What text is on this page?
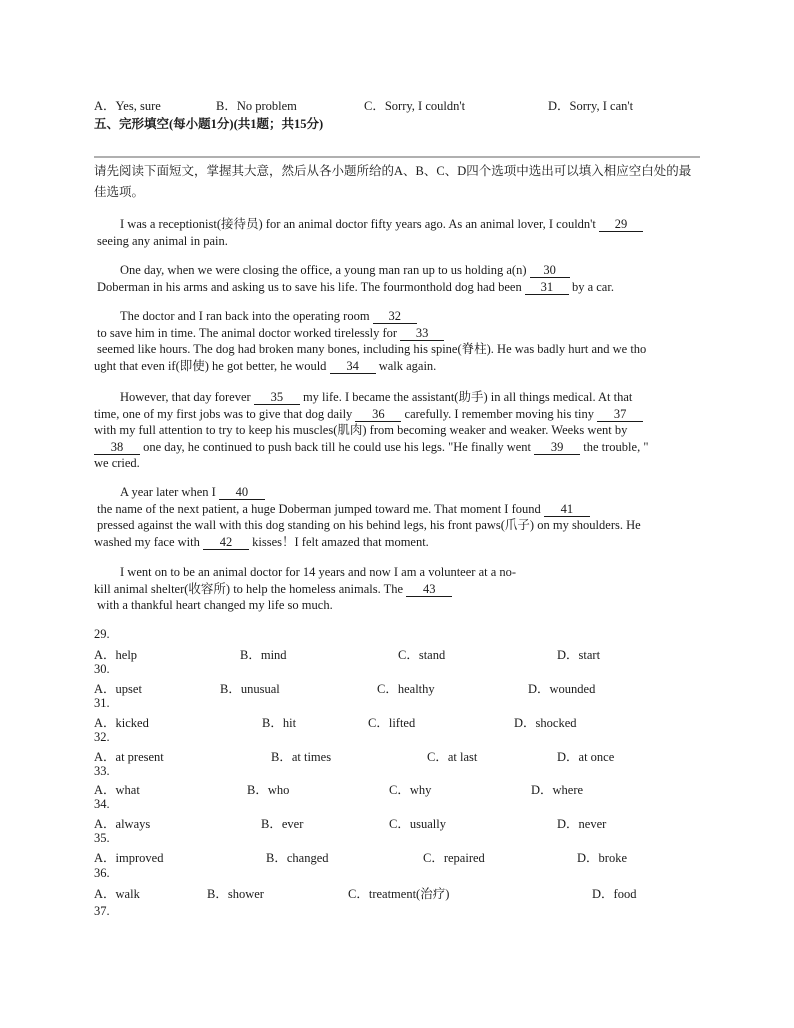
A．Yes, sure	B．No problem	C．Sorry, I couldn't	D．Sorry, I can't
五、完形填空(每小题1分)(共1题；共15分)
请先阅读下面短文，掌握其大意，然后从各小题所给的A、B、C、D四个选项中选出可以填入相应空白处的最佳选项。
I was a receptionist(接待员) for an animal doctor fifty years ago. As an animal lover, I couldn't 29
seeing any animal in pain.
One day, when we were closing the office, a young man ran up to us holding a(n) 30
Doberman in his arms and asking us to save his life. The fourmonthold dog had been 31 by a car.
The doctor and I ran back into the operating room 32
to save him in time. The animal doctor worked tirelessly for 33
seemed like hours. The dog had broken many bones, including his spine(脊柱). He was badly hurt and we tho
ught that even if(即使) he got better, he would 34 walk again.
However, that day forever 35 my life. I became the assistant(助手) in all things medical. At that
time, one of my first jobs was to give that dog daily 36 carefully. I remember moving his tiny 37
with my full attention to try to keep his muscles(肌肉) from becoming weaker and weaker. Weeks went by
38 one day, he continued to push back till he could use his legs. "He finally went 39 the trouble, "
we cried.
A year later when I 40
the name of the next patient, a huge Doberman jumped toward me. That moment I found 41
pressed against the wall with this dog standing on his behind legs, his front paws(爪子) on my shoulders. He
washed my face with 42 kisses！I felt amazed that moment.
I went on to be an animal doctor for 14 years and now I am a volunteer at a no-
kill animal shelter(收容所) to help the homeless animals. The 43
with a thankful heart changed my life so much.
29.
A．help	B．mind	C．stand	D．start
30.
A．upset	B．unusual	C．healthy	D．wounded
31.
A．kicked	B．hit	C．lifted	D．shocked
32.
A．at present	B．at times	C．at last	D．at once
33.
A．what	B．who	C．why	D．where
34.
A．always	B．ever	C．usually	D．never
35.
A．improved	B．changed	C．repaired	D．broke
36.
A．walk	B．shower	C．treatment(治疗)	D．food
37.
